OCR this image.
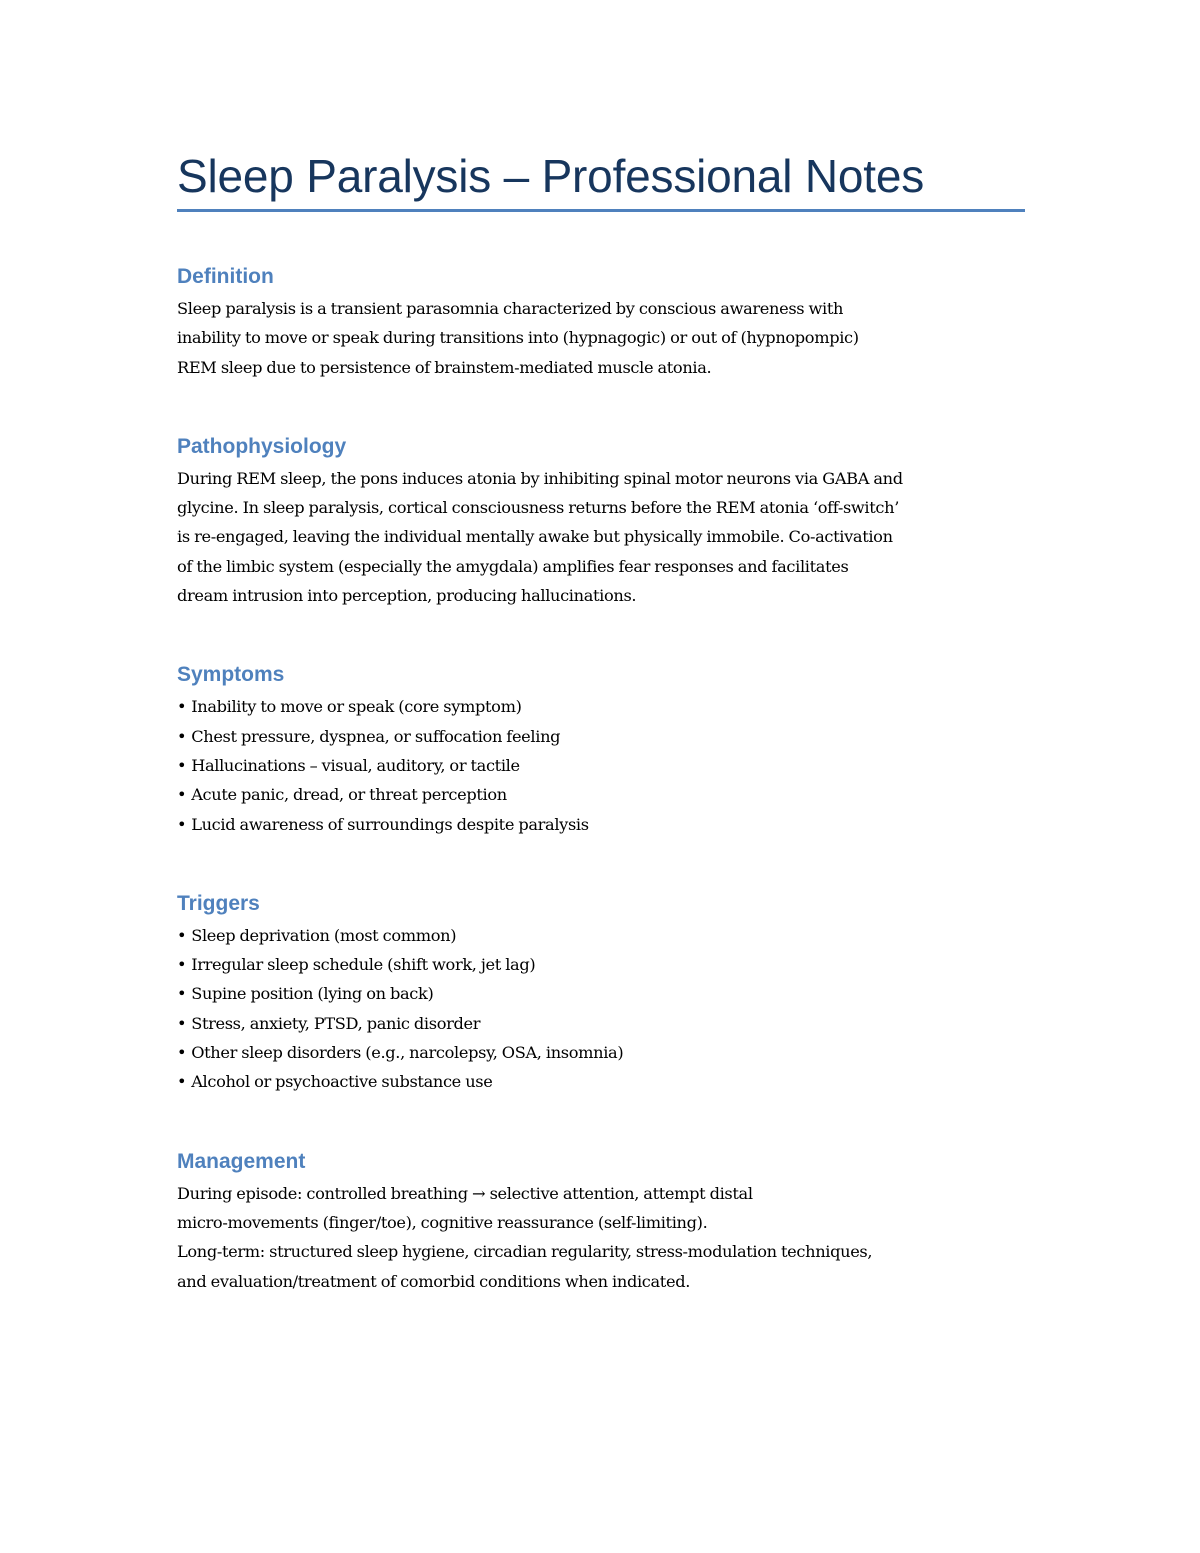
Sleep Paralysis – Professional Notes
Definition

Sleep paralysis is a transient parasomnia characterized by conscious awareness with
inability to move or speak during transitions into (hypnagogic) or out of (hypnopompic)
REM sleep due to persistence of brainstem-mediated muscle atonia.

Pathophysiology

During REM sleep, the pons induces atonia by inhibiting spinal motor neurons via GABA and
glycine. In sleep paralysis, cortical consciousness returns before the REM atonia ‘off-switch’
is re-engaged, leaving the individual mentally awake but physically immobile. Co-activation
of the limbic system (especially the amygdala) amplifies fear responses and facilitates
dream intrusion into perception, producing hallucinations.

Symptoms
• Inability to move or speak (core symptom)
• Chest pressure, dyspnea, or suffocation feeling
• Hallucinations – visual, auditory, or tactile
• Acute panic, dread, or threat perception
• Lucid awareness of surroundings despite paralysis
Triggers
• Sleep deprivation (most common)
• Irregular sleep schedule (shift work, jet lag)
• Supine position (lying on back)
• Stress, anxiety, PTSD, panic disorder
• Other sleep disorders (e.g., narcolepsy, OSA, insomnia)
• Alcohol or psychoactive substance use
Management

During episode: controlled breathing → selective attention, attempt distal
micro-movements (finger/toe), cognitive reassurance (self-limiting).
Long-term: structured sleep hygiene, circadian regularity, stress-modulation techniques,
and evaluation/treatment of comorbid conditions when indicated.
